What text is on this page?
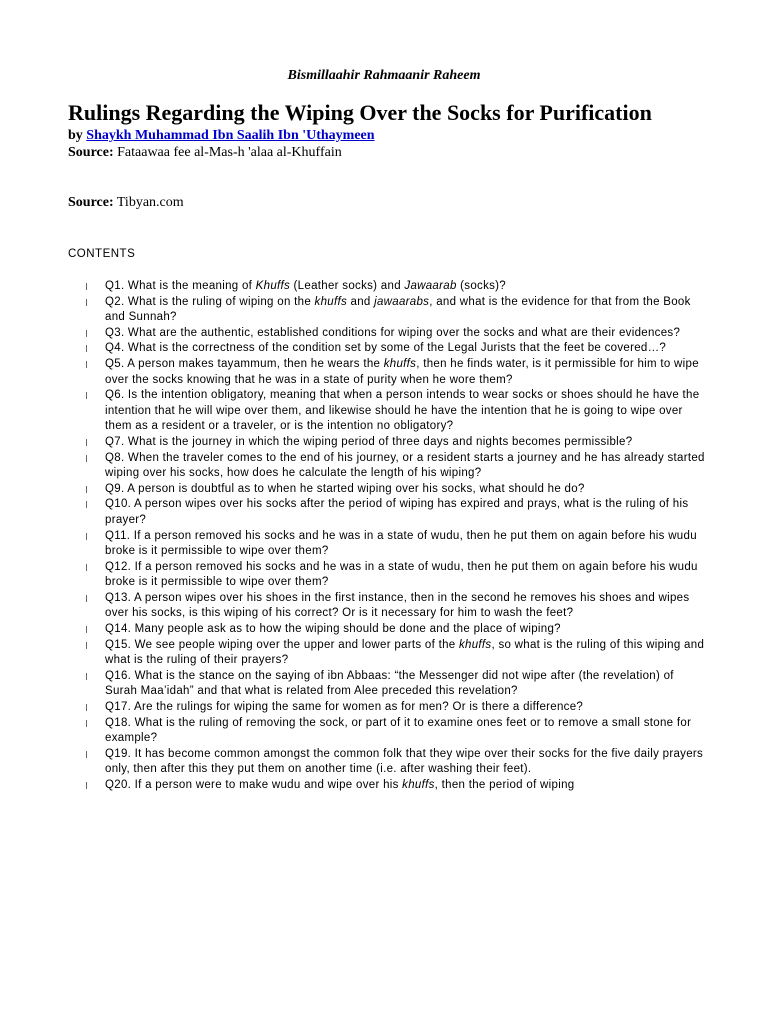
Bismillaahir Rahmaanir Raheem
Rulings Regarding the Wiping Over the Socks for Purification
by Shaykh Muhammad Ibn Saalih Ibn 'Uthaymeen
Source: Fataawaa fee al-Mas-h 'alaa al-Khuffain
Source: Tibyan.com
CONTENTS
Q1. What is the meaning of Khuffs (Leather socks) and Jawaarab (socks)?
Q2. What is the ruling of wiping on the khuffs and jawaarabs, and what is the evidence for that from the Book and Sunnah?
Q3. What are the authentic, established conditions for wiping over the socks and what are their evidences?
Q4. What is the correctness of the condition set by some of the Legal Jurists that the feet be covered…?
Q5. A person makes tayammum, then he wears the khuffs, then he finds water, is it permissible for him to wipe over the socks knowing that he was in a state of purity when he wore them?
Q6. Is the intention obligatory, meaning that when a person intends to wear socks or shoes should he have the intention that he will wipe over them, and likewise should he have the intention that he is going to wipe over them as a resident or a traveler, or is the intention no obligatory?
Q7. What is the journey in which the wiping period of three days and nights becomes permissible?
Q8. When the traveler comes to the end of his journey, or a resident starts a journey and he has already started wiping over his socks, how does he calculate the length of his wiping?
Q9. A person is doubtful as to when he started wiping over his socks, what should he do?
Q10. A person wipes over his socks after the period of wiping has expired and prays, what is the ruling of his prayer?
Q11. If a person removed his socks and he was in a state of wudu, then he put them on again before his wudu broke is it permissible to wipe over them?
Q12. If a person removed his socks and he was in a state of wudu, then he put them on again before his wudu broke is it permissible to wipe over them?
Q13. A person wipes over his shoes in the first instance, then in the second he removes his shoes and wipes over his socks, is this wiping of his correct? Or is it necessary for him to wash the feet?
Q14. Many people ask as to how the wiping should be done and the place of wiping?
Q15. We see people wiping over the upper and lower parts of the khuffs, so what is the ruling of this wiping and what is the ruling of their prayers?
Q16. What is the stance on the saying of ibn Abbaas: “the Messenger did not wipe after (the revelation) of Surah Maa’idah” and that what is related from Alee preceded this revelation?
Q17. Are the rulings for wiping the same for women as for men? Or is there a difference?
Q18. What is the ruling of removing the sock, or part of it to examine ones feet or to remove a small stone for example?
Q19. It has become common amongst the common folk that they wipe over their socks for the five daily prayers only, then after this they put them on another time (i.e. after washing their feet).
Q20. If a person were to make wudu and wipe over his khuffs, then the period of wiping
